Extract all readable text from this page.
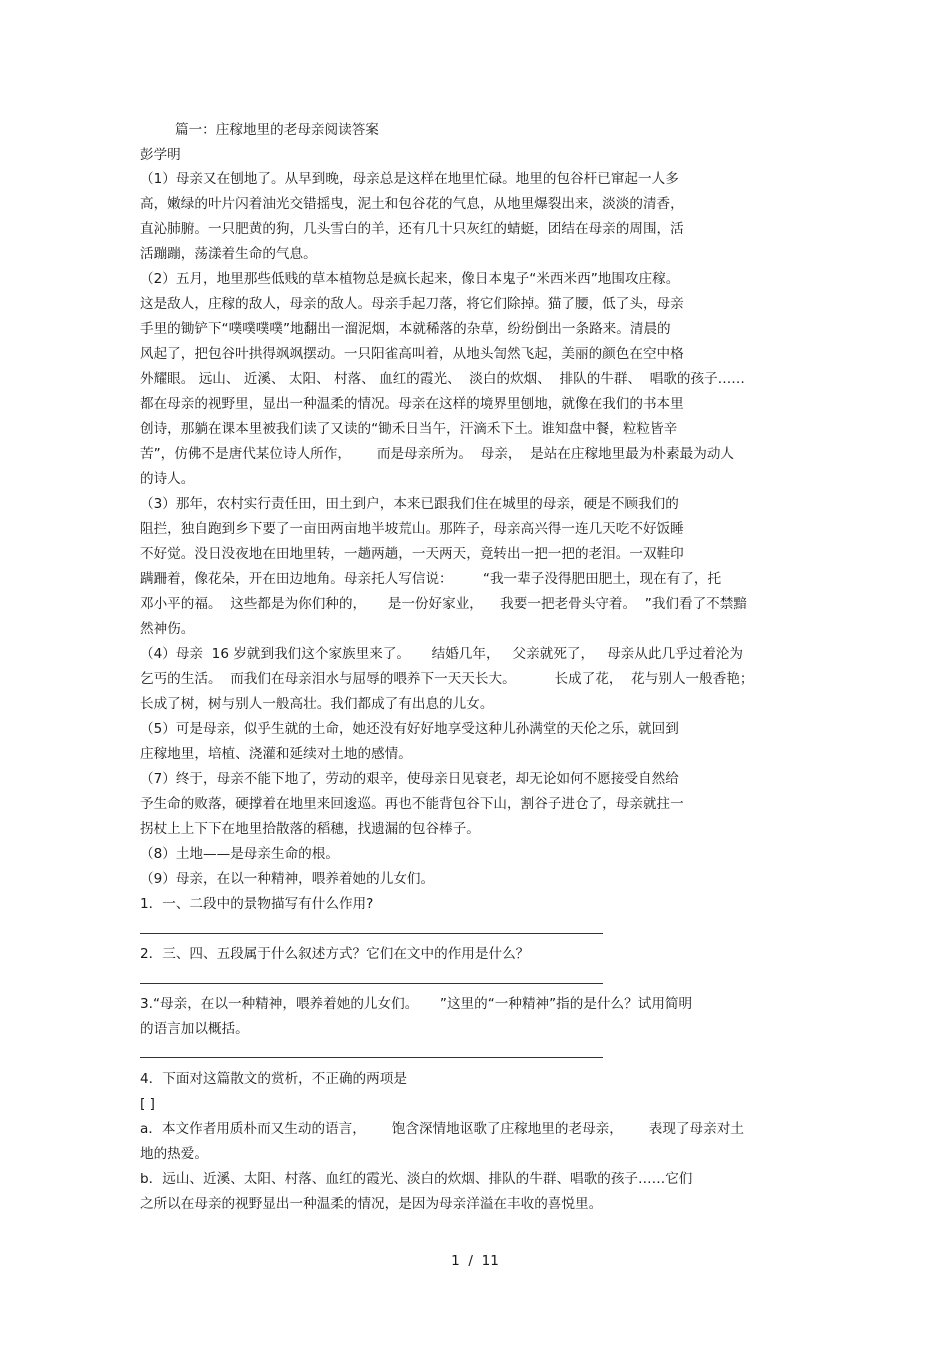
篇一：庄稼地里的老母亲阅读答案

彭学明

（1）母亲又在刨地了。从早到晚，母亲总是这样在地里忙碌。地里的包谷杆已窜起一人多

高，嫩绿的叶片闪着油光交错摇曳，泥土和包谷花的气息，从地里爆裂出来，淡淡的清香，

直沁肺腑。一只肥黄的狗，几头雪白的羊，还有几十只灰红的蜻蜓，团结在母亲的周围，活

活蹦蹦，荡漾着生命的气息。

（2）五月，地里那些低贱的草本植物总是疯长起来，像日本鬼子“米西米西”地围攻庄稼。

这是敌人，庄稼的敌人，母亲的敌人。母亲手起刀落，将它们除掉。猫了腰，低了头，母亲

手里的锄铲下“噗噗噗噗”地翻出一溜泥烟，本就稀落的杂草，纷纷倒出一条路来。清晨的

风起了，把包谷叶拱得飒飒摆动。一只阳雀高叫着，从地头訇然飞起，美丽的颜色在空中格

外耀眼。 远山、 近溪、 太阳、 村落、 血红的霞光、  淡白的炊烟、  排队的牛群、  唱歌的孩子……

都在母亲的视野里，显出一种温柔的情况。母亲在这样的境界里刨地，就像在我们的书本里

创诗，那躺在课本里被我们读了又读的“锄禾日当午，汗滴禾下土。谁知盘中餐，粒粒皆辛

苦”，仿佛不是唐代某位诗人所作，      而是母亲所为。  母亲，  是站在庄稼地里最为朴素最为动人

的诗人。

（3）那年，农村实行责任田，田土到户，本来已跟我们住在城里的母亲，硬是不顾我们的

阻拦，独自跑到乡下要了一亩田两亩地半坡荒山。那阵子，母亲高兴得一连几天吃不好饭睡

不好觉。没日没夜地在田地里转，一趟两趟，一天两天，竟转出一把一把的老泪。一双鞋印

蹒跚着，像花朵，开在田边地角。母亲托人写信说：       “我一辈子没得肥田肥土，现在有了，托

邓小平的福。  这些都是为你们种的，     是一份好家业，    我要一把老骨头守着。  ”我们看了不禁黯

然神伤。

（4）母亲  16 岁就到我们这个家族里来了。     结婚几年，   父亲就死了，   母亲从此几乎过着沦为

乞丐的生活。  而我们在母亲泪水与屈辱的喂养下一天天长大。         长成了花，  花与别人一般香艳；

长成了树，树与别人一般高壮。我们都成了有出息的儿女。

（5）可是母亲，似乎生就的土命，她还没有好好地享受这种儿孙满堂的天伦之乐，就回到

庄稼地里，培植、浇灌和延续对土地的感情。

（7）终于，母亲不能下地了，劳动的艰辛，使母亲日见衰老，却无论如何不愿接受自然给

予生命的败落，硬撑着在地里来回逡巡。再也不能背包谷下山，割谷子进仓了，母亲就拄一

拐杖上上下下在地里拾散落的稻穗，找遗漏的包谷棒子。

（8）土地——是母亲生命的根。

（9）母亲，在以一种精神，喂养着她的儿女们。

1．一、二段中的景物描写有什么作用?

2．三、四、五段属于什么叙述方式？它们在文中的作用是什么？

3.“母亲，在以一种精神，喂养着她的儿女们。     ”这里的“一种精神”指的是什么？试用简明

的语言加以概括。

4．下面对这篇散文的赏析，不正确的两项是

[ ]

a．本文作者用质朴而又生动的语言，      饱含深情地讴歌了庄稼地里的老母亲，      表现了母亲对土

地的热爱。

b．远山、近溪、太阳、村落、血红的霞光、淡白的炊烟、排队的牛群、唱歌的孩子……它们

之所以在母亲的视野显出一种温柔的情况，是因为母亲洋溢在丰收的喜悦里。

1  /  11
